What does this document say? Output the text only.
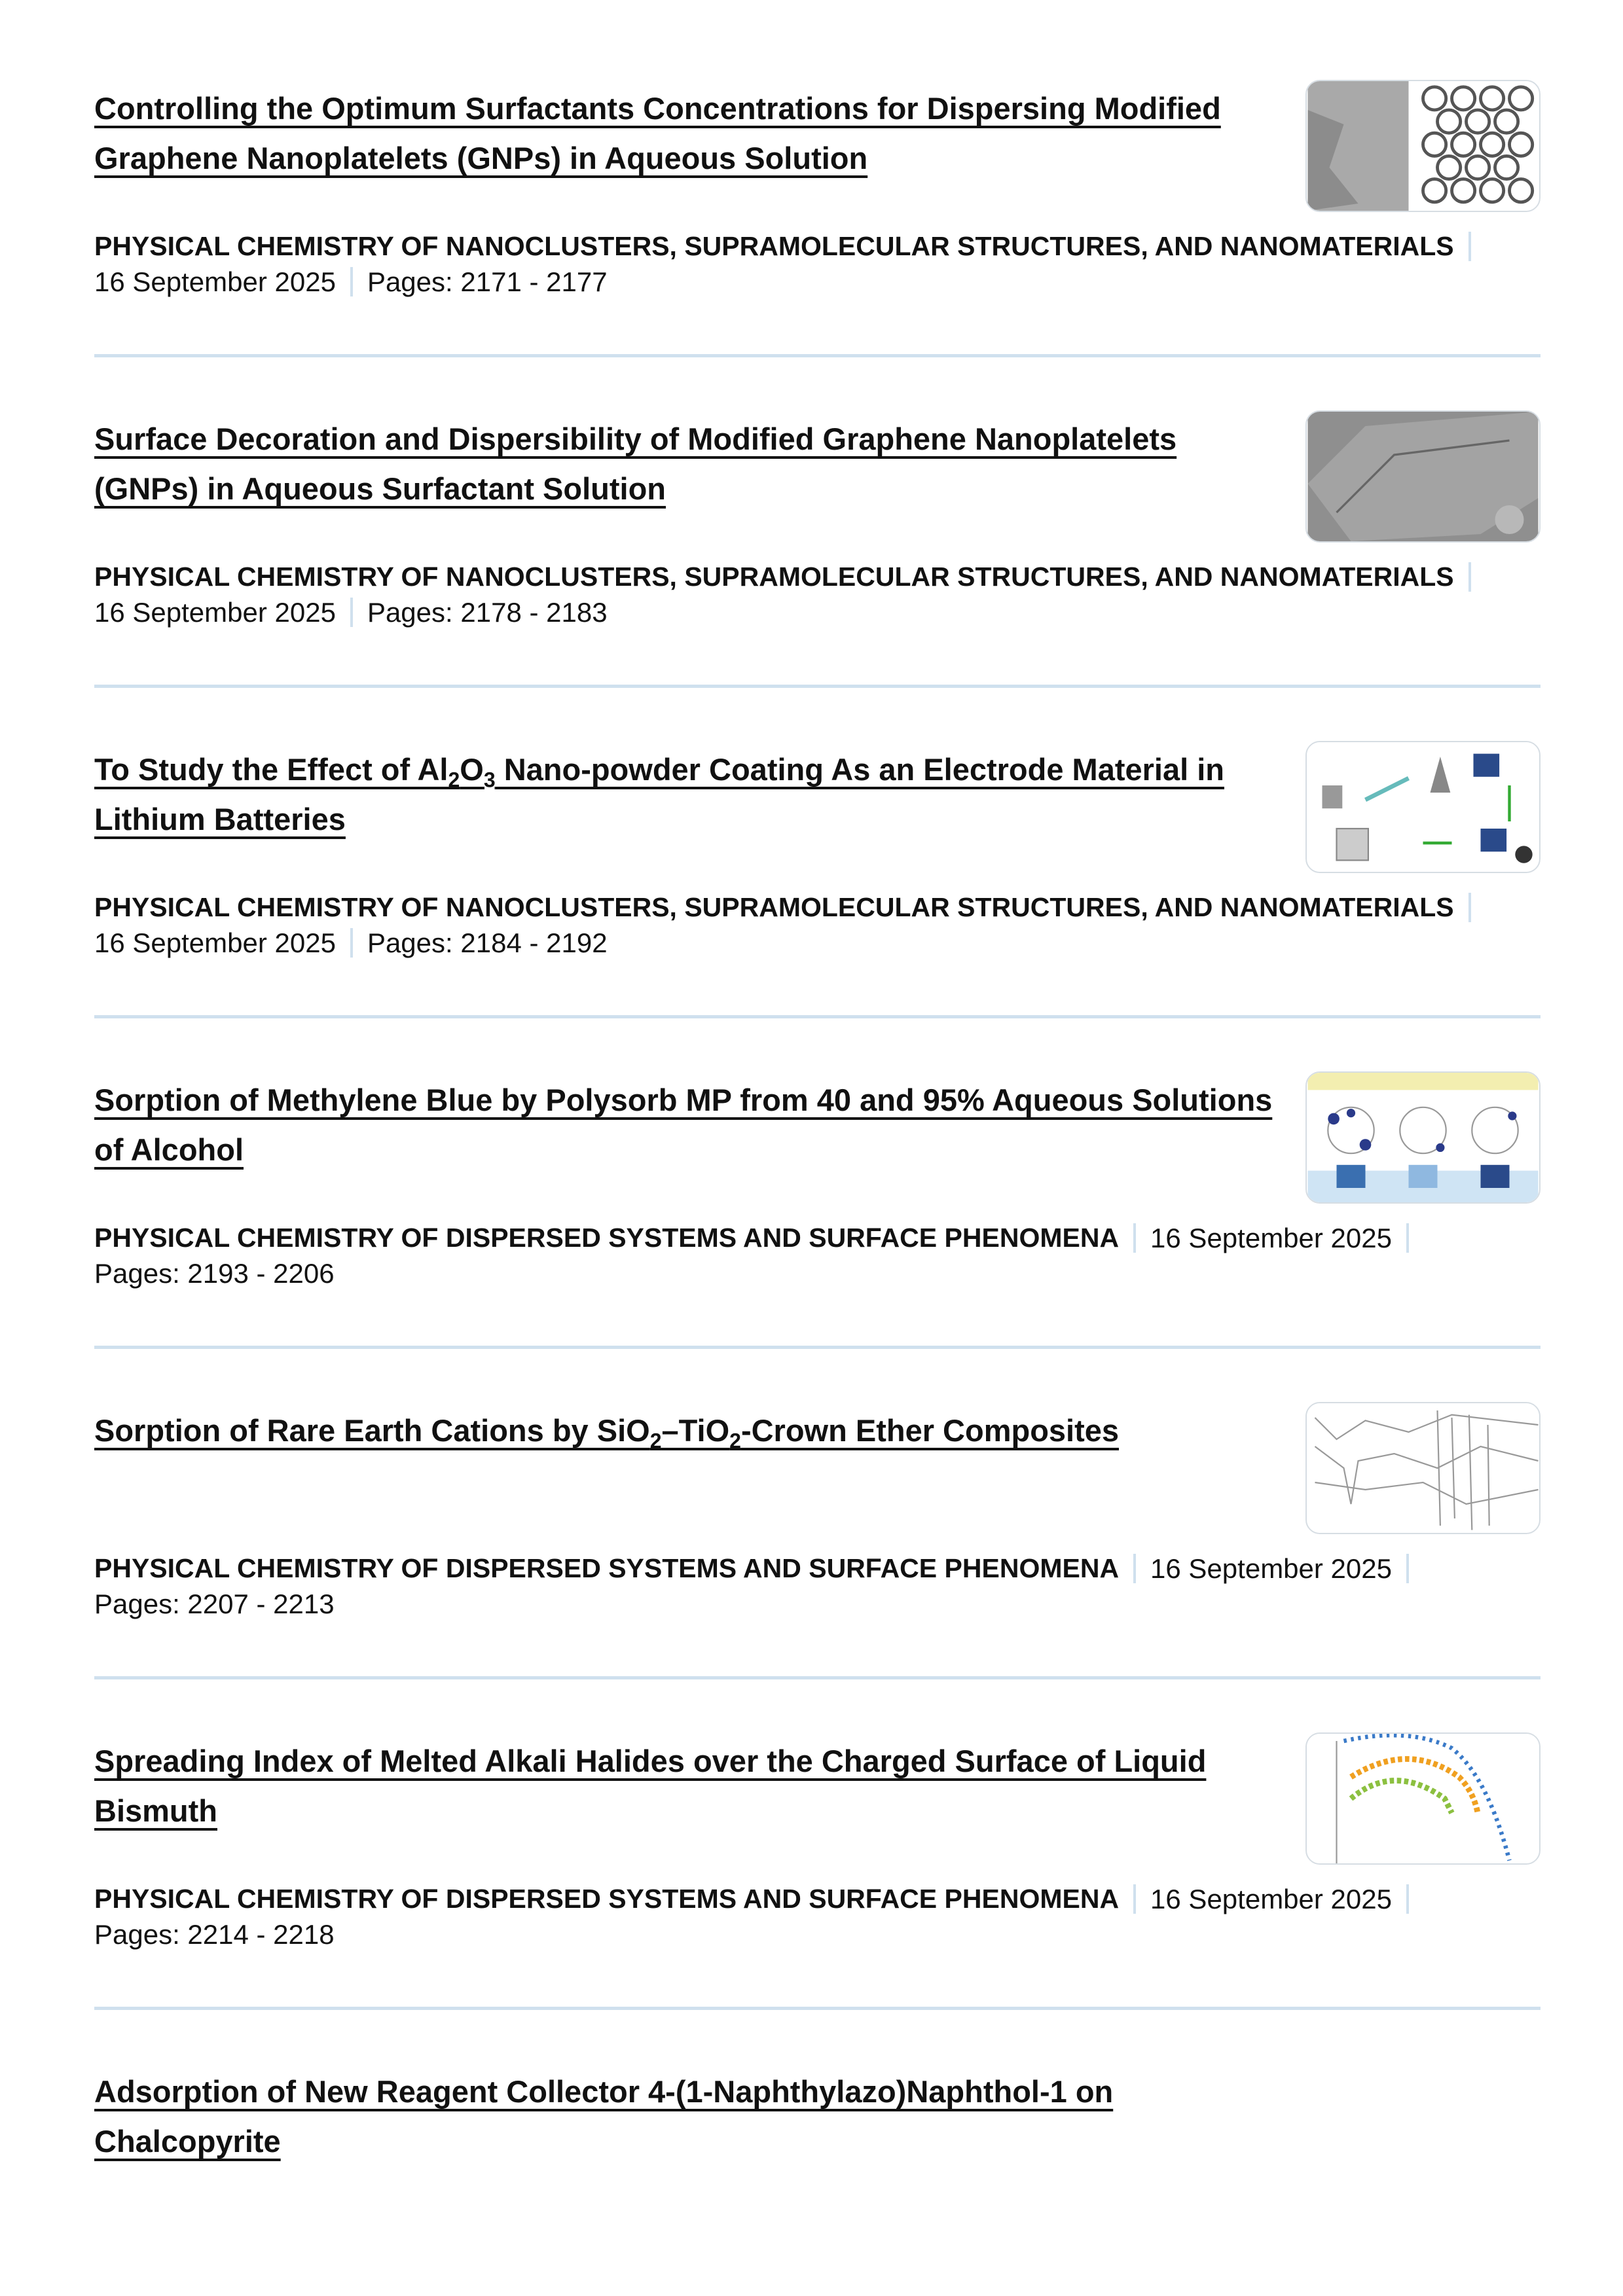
Controlling the Optimum Surfactants Concentrations for Dispersing Modified Graphene Nanoplatelets (GNPs) in Aqueous Solution
PHYSICAL CHEMISTRY OF NANOCLUSTERS, SUPRAMOLECULAR STRUCTURES, AND NANOMATERIALS
16 September 2025	Pages: 2171 - 2177
Surface Decoration and Dispersibility of Modified Graphene Nanoplatelets (GNPs) in Aqueous Surfactant Solution
PHYSICAL CHEMISTRY OF NANOCLUSTERS, SUPRAMOLECULAR STRUCTURES, AND NANOMATERIALS
16 September 2025	Pages: 2178 - 2183
To Study the Effect of $Al_2O_3$ Nano-powder Coating As an Electrode Material in Lithium Batteries
PHYSICAL CHEMISTRY OF NANOCLUSTERS, SUPRAMOLECULAR STRUCTURES, AND NANOMATERIALS
16 September 2025	Pages: 2184 - 2192
Sorption of Methylene Blue by Polysorb MP from 40 and 95% Aqueous Solutions of Alcohol
PHYSICAL CHEMISTRY OF DISPERSED SYSTEMS AND SURFACE PHENOMENA	16 September 2025
Pages: 2193 - 2206
Sorption of Rare Earth Cations by SiO$_2$–TiO$_2$-Crown Ether Composites
PHYSICAL CHEMISTRY OF DISPERSED SYSTEMS AND SURFACE PHENOMENA	16 September 2025
Pages: 2207 - 2213
Spreading Index of Melted Alkali Halides over the Charged Surface of Liquid Bismuth
PHYSICAL CHEMISTRY OF DISPERSED SYSTEMS AND SURFACE PHENOMENA	16 September 2025
Pages: 2214 - 2218
Adsorption of New Reagent Collector 4-(1-Naphthylazo)Naphthol-1 on Chalcopyrite
